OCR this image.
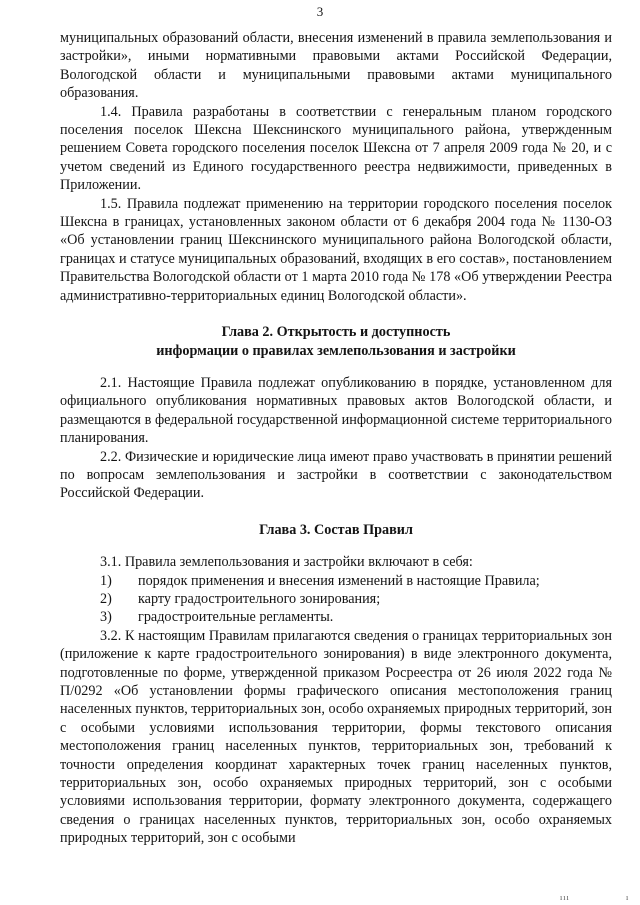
3

муниципальных образований области, внесения изменений в правила землепользования и застройки», иными нормативными правовыми актами Российской Федерации, Вологодской области и муниципальными правовыми актами муниципального образования.

1.4. Правила разработаны в соответствии с генеральным планом городского поселения поселок Шексна Шекснинского муниципального района, утвержденным решением Совета городского поселения поселок Шексна от 7 апреля 2009 года № 20, и с учетом сведений из Единого государственного реестра недвижимости, приведенных в Приложении.

1.5. Правила подлежат применению на территории городского поселения поселок Шексна в границах, установленных законом области от 6 декабря 2004 года № 1130-ОЗ «Об установлении границ Шекснинского муниципального района Вологодской области, границах и статусе муниципальных образований, входящих в его состав», постановлением Правительства Вологодской области от 1 марта 2010 года № 178 «Об утверждении Реестра административно-территориальных единиц Вологодской области».

Глава 2. Открытость и доступность
информации о правилах землепользования и застройки

2.1. Настоящие Правила подлежат опубликованию в порядке, установленном для официального опубликования нормативных правовых актов Вологодской области, и размещаются в федеральной государственной информационной системе территориального планирования.

2.2. Физические и юридические лица имеют право участвовать в принятии решений по вопросам землепользования и застройки в соответствии с законодательством Российской Федерации.

Глава 3. Состав Правил

3.1. Правила землепользования и застройки включают в себя:

1)	порядок применения и внесения изменений в настоящие Правила;
2)	карту градостроительного зонирования;
3)	градостроительные регламенты.

3.2. К настоящим Правилам прилагаются сведения о границах территориальных зон (приложение к карте градостроительного зонирования) в виде электронного документа, подготовленные по форме, утвержденной приказом Росреестра от 26 июля 2022 года № П/0292 «Об установлении формы графического описания местоположения границ населенных пунктов, территориальных зон, особо охраняемых природных территорий, зон с особыми условиями использования территории, формы текстового описания местоположения границ населенных пунктов, территориальных зон, требований к точности определения координат характерных точек границ населенных пунктов, территориальных зон, особо охраняемых природных территорий, зон с особыми условиями использования территории, формату электронного документа, содержащего сведения о границах населенных пунктов, территориальных зон, особо охраняемых природных территорий, зон с особыми

ııı	ı
